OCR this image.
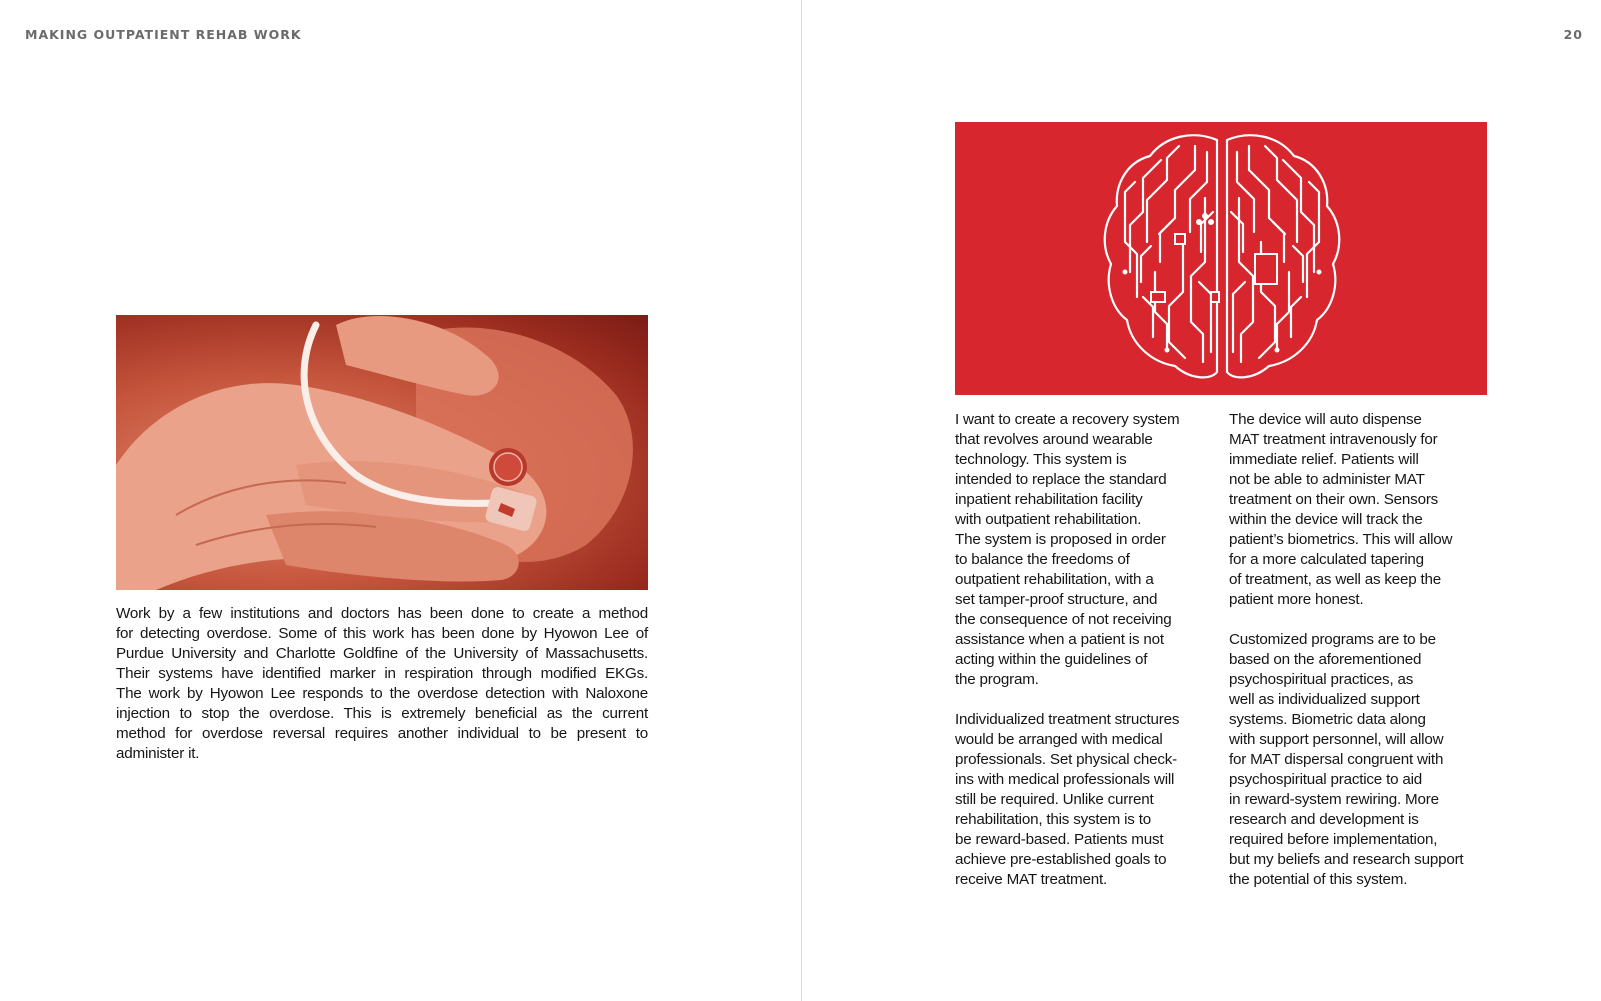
MAKING OUTPATIENT REHAB WORK	20
Work by a few institutions and doctors has been done to create a method
for detecting overdose. Some of this work has been done by Hyowon Lee of
Purdue University and Charlotte Goldfine of the University of Massachusetts.
Their systems have identified marker in respiration through modified EKGs.
The work by Hyowon Lee responds to the overdose detection with Naloxone
injection to stop the overdose. This is extremely beneficial as the current
method for overdose reversal requires another individual to be present to
administer it.
I want to create a recovery system
that revolves around wearable
technology. This system is
intended to replace the standard
inpatient rehabilitation facility
with outpatient rehabilitation.
The system is proposed in order
to balance the freedoms of
outpatient rehabilitation, with a
set tamper-proof structure, and
the consequence of not receiving
assistance when a patient is not
acting within the guidelines of
the program.

Individualized treatment structures
would be arranged with medical
professionals. Set physical check-
ins with medical professionals will
still be required. Unlike current
rehabilitation, this system is to
be reward-based. Patients must
achieve pre-established goals to
receive MAT treatment.
The device will auto dispense
MAT treatment intravenously for
immediate relief. Patients will
not be able to administer MAT
treatment on their own. Sensors
within the device will track the
patient’s biometrics. This will allow
for a more calculated tapering
of treatment, as well as keep the
patient more honest.

Customized programs are to be
based on the aforementioned
psychospiritual practices, as
well as individualized support
systems. Biometric data along
with support personnel, will allow
for MAT dispersal congruent with
psychospiritual practice to aid
in reward-system rewiring. More
research and development is
required before implementation,
but my beliefs and research support
the potential of this system.
